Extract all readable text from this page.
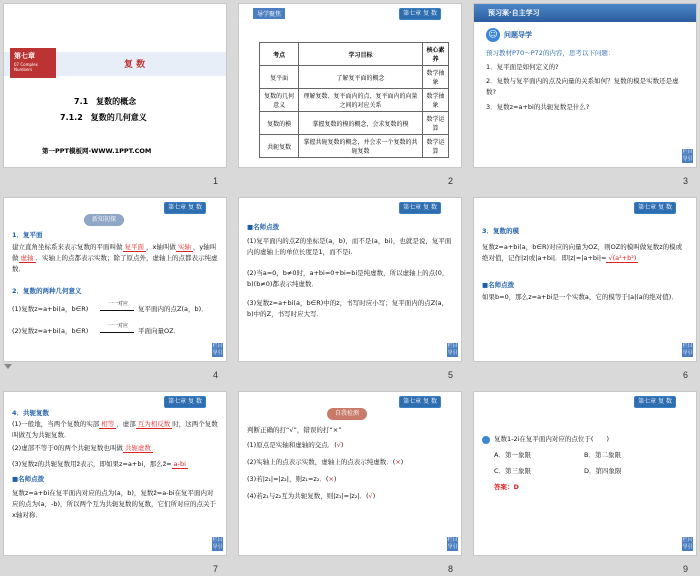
第七章
07 Complex Numbers	复 数
7.1　复数的概念
7.1.2　复数的几何意义
第一PPT模板网-WWW.1PPT.COM
1
导学聚焦	第七章 复 数
考点	学习目标	核心素养
复平面	了解复平面的概念	数学抽象
复数的几何意义	理解复数、复平面内的点、复平面内的向量之间的对应关系	数学抽象
复数的模	掌握复数的模的概念，会求复数的模	数学运算
共轭复数	掌握共轭复数的概念，并会求一个复数的共轭复数	数学运算
2
预习案·自主学习
☺ 问题导学
预习教材P70～P72的内容，思考以下问题：
1．复平面是如何定义的?
2．复数与复平面内的点及向量的关系如何？复数的模是实数还是虚数?
3．复数z=a+bi的共轭复数是什么?
栏目导引
3
第七章 复 数
新知初探
1．复平面
建立直角坐标系来表示复数的平面叫做 复平面 ，x轴叫做 实轴 ，y轴叫做 虚轴 ．实轴上的点都表示实数；除了原点外，虚轴上的点都表示纯虚数．
2．复数的两种几何意义
(1)复数z=a+bi(a，b∈R)
一一对应
复平面内的点Z(a，b)．
(2)复数z=a+bi(a，b∈R)
一一对应
平面向量OZ．
栏目导引
4
第七章 复 数
■名师点拨
(1)复平面内的点Z的坐标是(a，b)，而不是(a，bi)，也就是说，复平面内的虚轴上的单位长度是1，而不是i.
(2)当a=0，b≠0时，a+bi=0+bi=bi是纯虚数，所以虚轴上的点(0，b)(b≠0)都表示纯虚数．
(3)复数z=a+bi(a，b∈R)中的z，书写时应小写；复平面内的点Z(a，b)中的Z，书写时应大写．
栏目导引
5
第七章 复 数
3．复数的模
复数z=a+bi(a，b∈R)对应的向量为OZ，则OZ的模叫做复数z的模或绝对值，记作|z|或|a+bi|．即|z|=|a+bi|= √(a²+b²)
■名师点拨
如果b=0，那么z=a+bi是一个实数a，它的模等于|a|(a的绝对值)．
栏目导引
6
第七章 复 数
4．共轭复数
(1)一般地，当两个复数的实部 相等 ，虚部 互为相反数 时，这两个复数叫做互为共轭复数．
(2)虚部不等于0的两个共轭复数也叫做 共轭虚数
(3)复数z的共轭复数用z̄表示，即如果z=a+bi，那么z̄= a-bi
■名师点拨
复数z=a+bi在复平面内对应的点为(a，b)，复数z̄=a-bi在复平面内对应的点为(a，-b)，所以两个互为共轭复数的复数，它们所对应的点关于x轴对称．
栏目导引
7
第七章 复 数
自我检测
判断正确的打“√”，错误的打“×”
(1)原点是实轴和虚轴的交点．(√)
(2)实轴上的点表示实数，虚轴上的点表示纯虚数．(×)
(3)若|z₁|=|z₂|，则z₁=z₂．(×)
(4)若z₁与z₂互为共轭复数，则|z₁|=|z₂|．(√)
栏目导引
8
第七章 复 数
复数1-2i在复平面内对应的点位于(　　)
A．第一象限	B．第二象限
C．第三象限	D．第四象限
答案：D
栏目导引
9
